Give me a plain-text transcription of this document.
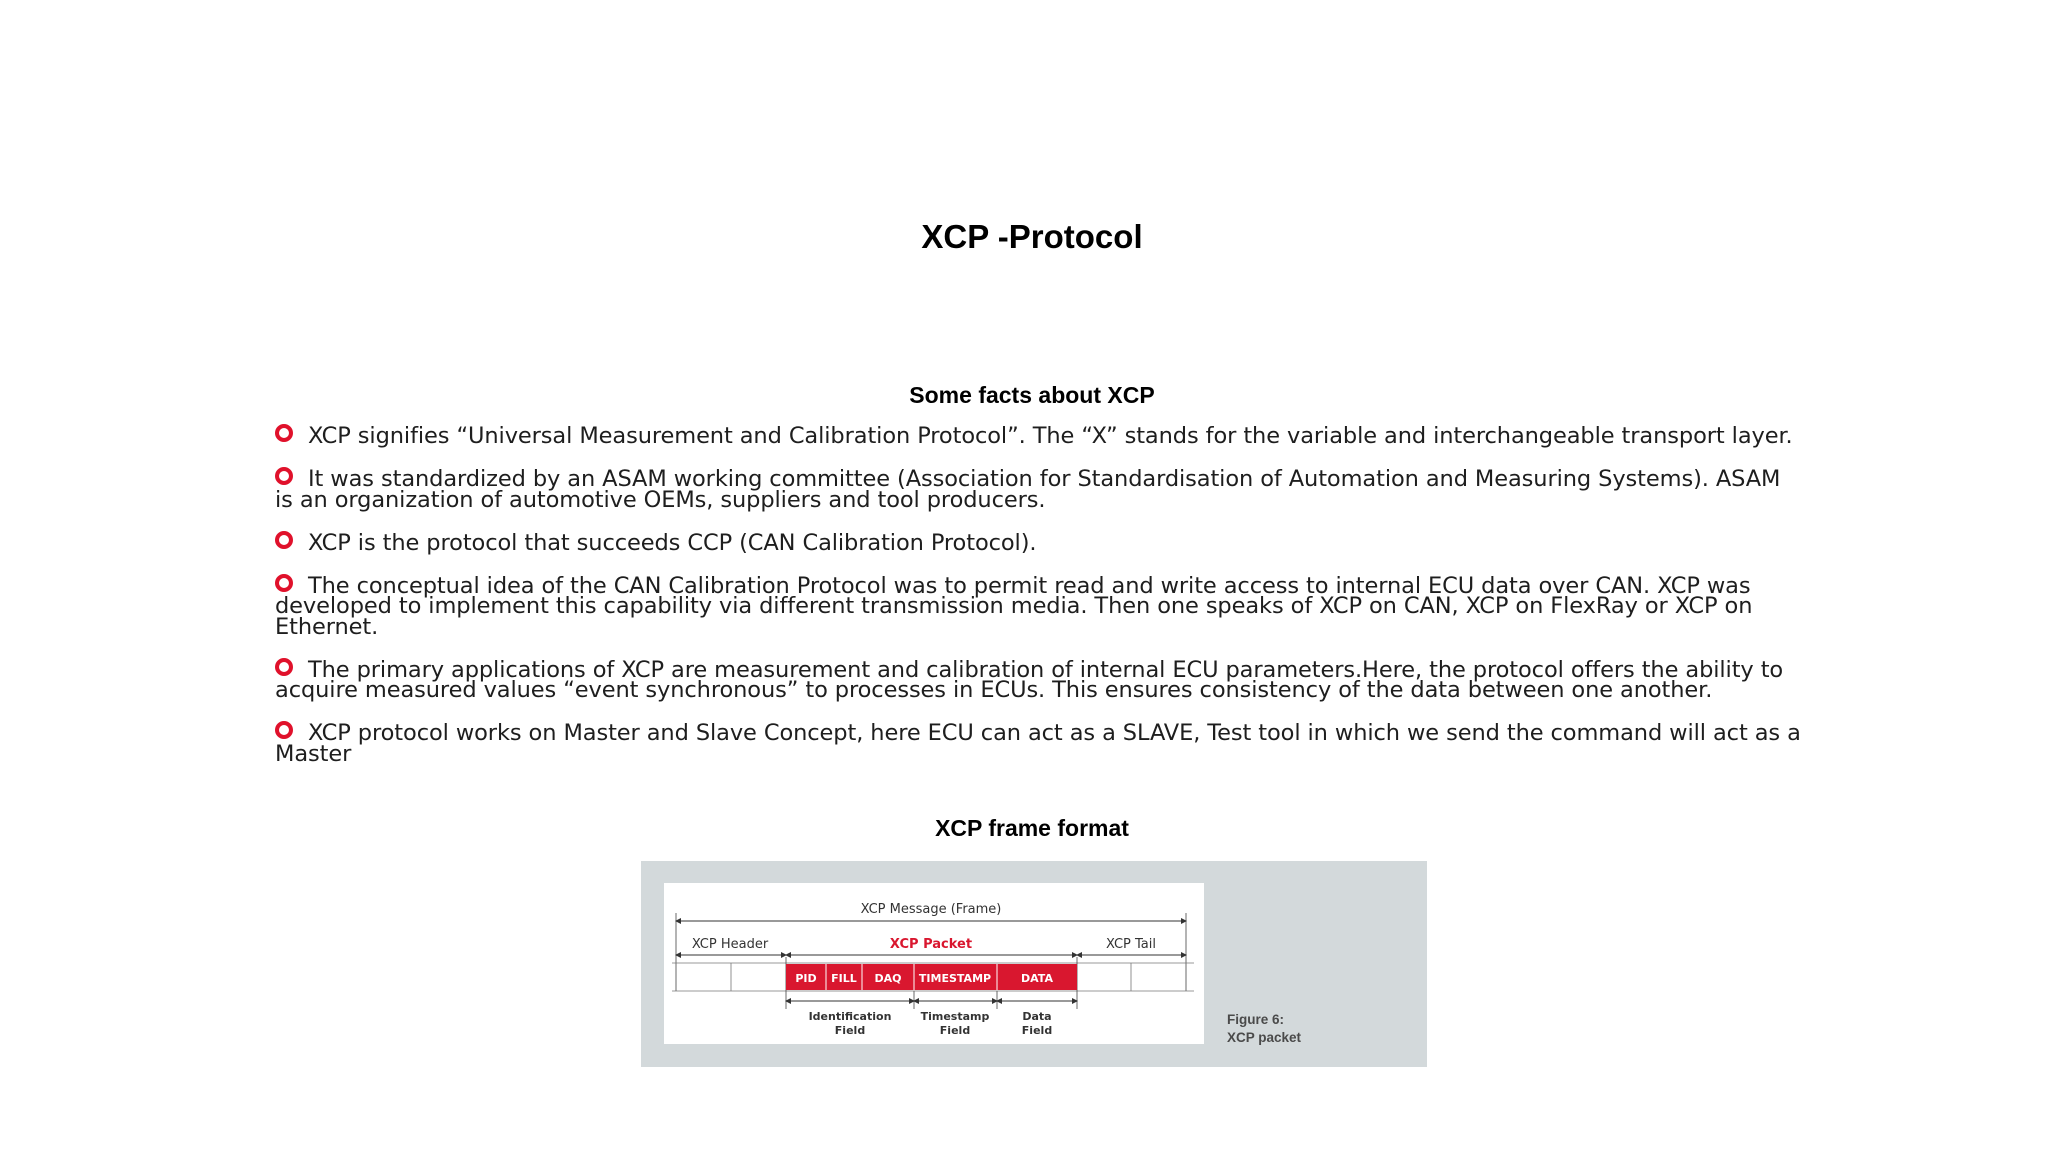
XCP -Protocol
Some facts about XCP
XCP signifies “Universal Measurement and Calibration Protocol”. The “X” stands for the variable and interchangeable transport layer.
It was standardized by an ASAM working committee (Association for Standardisation of Automation and Measuring Systems). ASAM is an organization of automotive OEMs, suppliers and tool producers.
XCP is the protocol that succeeds CCP (CAN Calibration Protocol).
The conceptual idea of the CAN Calibration Protocol was to permit read and write access to internal ECU data over CAN. XCP was developed to implement this capability via different transmission media. Then one speaks of XCP on CAN, XCP on FlexRay or XCP on Ethernet.
The primary applications of XCP are measurement and calibration of internal ECU parameters.Here, the protocol offers the ability to acquire measured values “event synchronous” to processes in ECUs. This ensures consistency of the data between one another.
XCP protocol works on Master and Slave Concept, here ECU can act as a SLAVE, Test tool in which we send the command will act as a Master
XCP frame format
XCP Message (Frame)
XCP Header	XCP Packet	XCP Tail
PID FILL DAQ TIMESTAMP	DATA
Identification
Field
Timestamp
Field
Data
Field
Figure 6:
XCP packet
